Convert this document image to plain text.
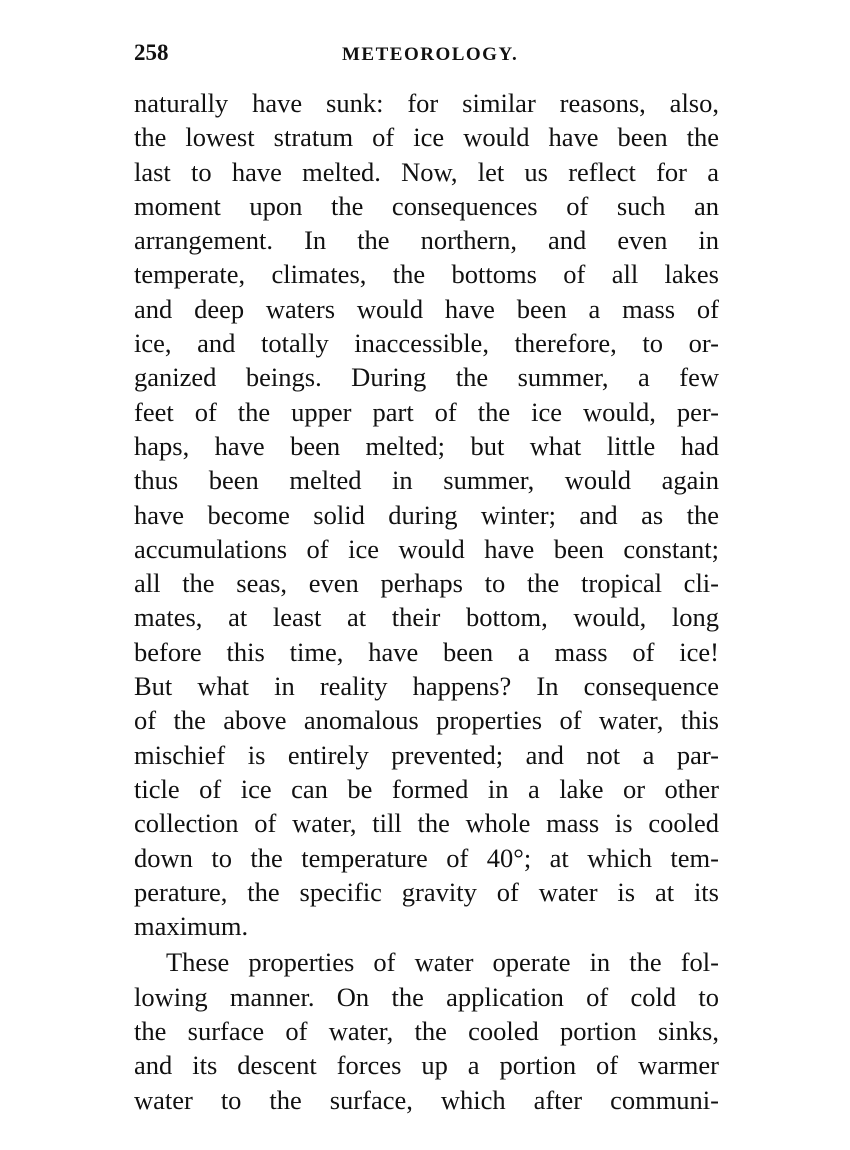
258	METEOROLOGY.
naturally have sunk: for similar reasons, also,
the lowest stratum of ice would have been the
last to have melted. Now, let us reflect for a
moment upon the consequences of such an
arrangement. In the northern, and even in
temperate, climates, the bottoms of all lakes
and deep waters would have been a mass of
ice, and totally inaccessible, therefore, to or-
ganized beings. During the summer, a few
feet of the upper part of the ice would, per-
haps, have been melted; but what little had
thus been melted in summer, would again
have become solid during winter; and as the
accumulations of ice would have been constant;
all the seas, even perhaps to the tropical cli-
mates, at least at their bottom, would, long
before this time, have been a mass of ice!
But what in reality happens? In consequence
of the above anomalous properties of water, this
mischief is entirely prevented; and not a par-
ticle of ice can be formed in a lake or other
collection of water, till the whole mass is cooled
down to the temperature of 40°; at which tem-
perature, the specific gravity of water is at its
maximum.
These properties of water operate in the fol-
lowing manner. On the application of cold to
the surface of water, the cooled portion sinks,
and its descent forces up a portion of warmer
water to the surface, which after communi-
